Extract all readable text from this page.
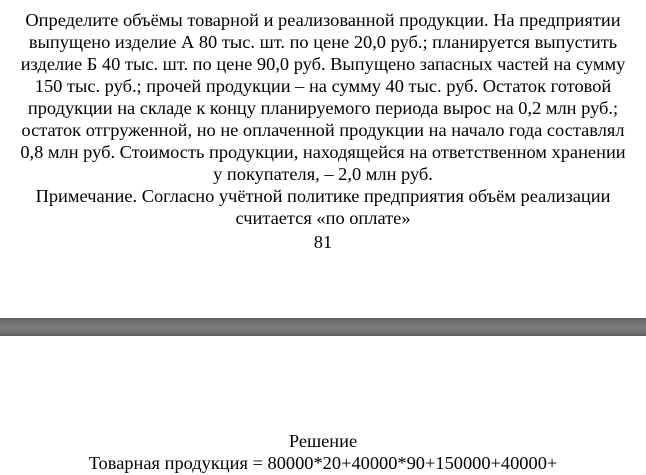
Определите объёмы товарной и реализованной продукции. На предприятии
выпущено изделие А 80 тыс. шт. по цене 20,0 руб.; планируется выпустить
изделие Б 40 тыс. шт. по цене 90,0 руб. Выпущено запасных частей на сумму
150 тыс. руб.; прочей продукции – на сумму 40 тыс. руб. Остаток готовой
продукции на складе к концу планируемого периода вырос на 0,2 млн руб.;
остаток отгруженной, но не оплаченной продукции на начало года составлял
0,8 млн руб. Стоимость продукции, находящейся на ответственном хранении
у покупателя, – 2,0 млн руб.

Примечание. Согласно учётной политике предприятия объём реализации
считается «по оплате»

81
Решение
Товарная продукция = 80000*20+40000*90+150000+40000+
